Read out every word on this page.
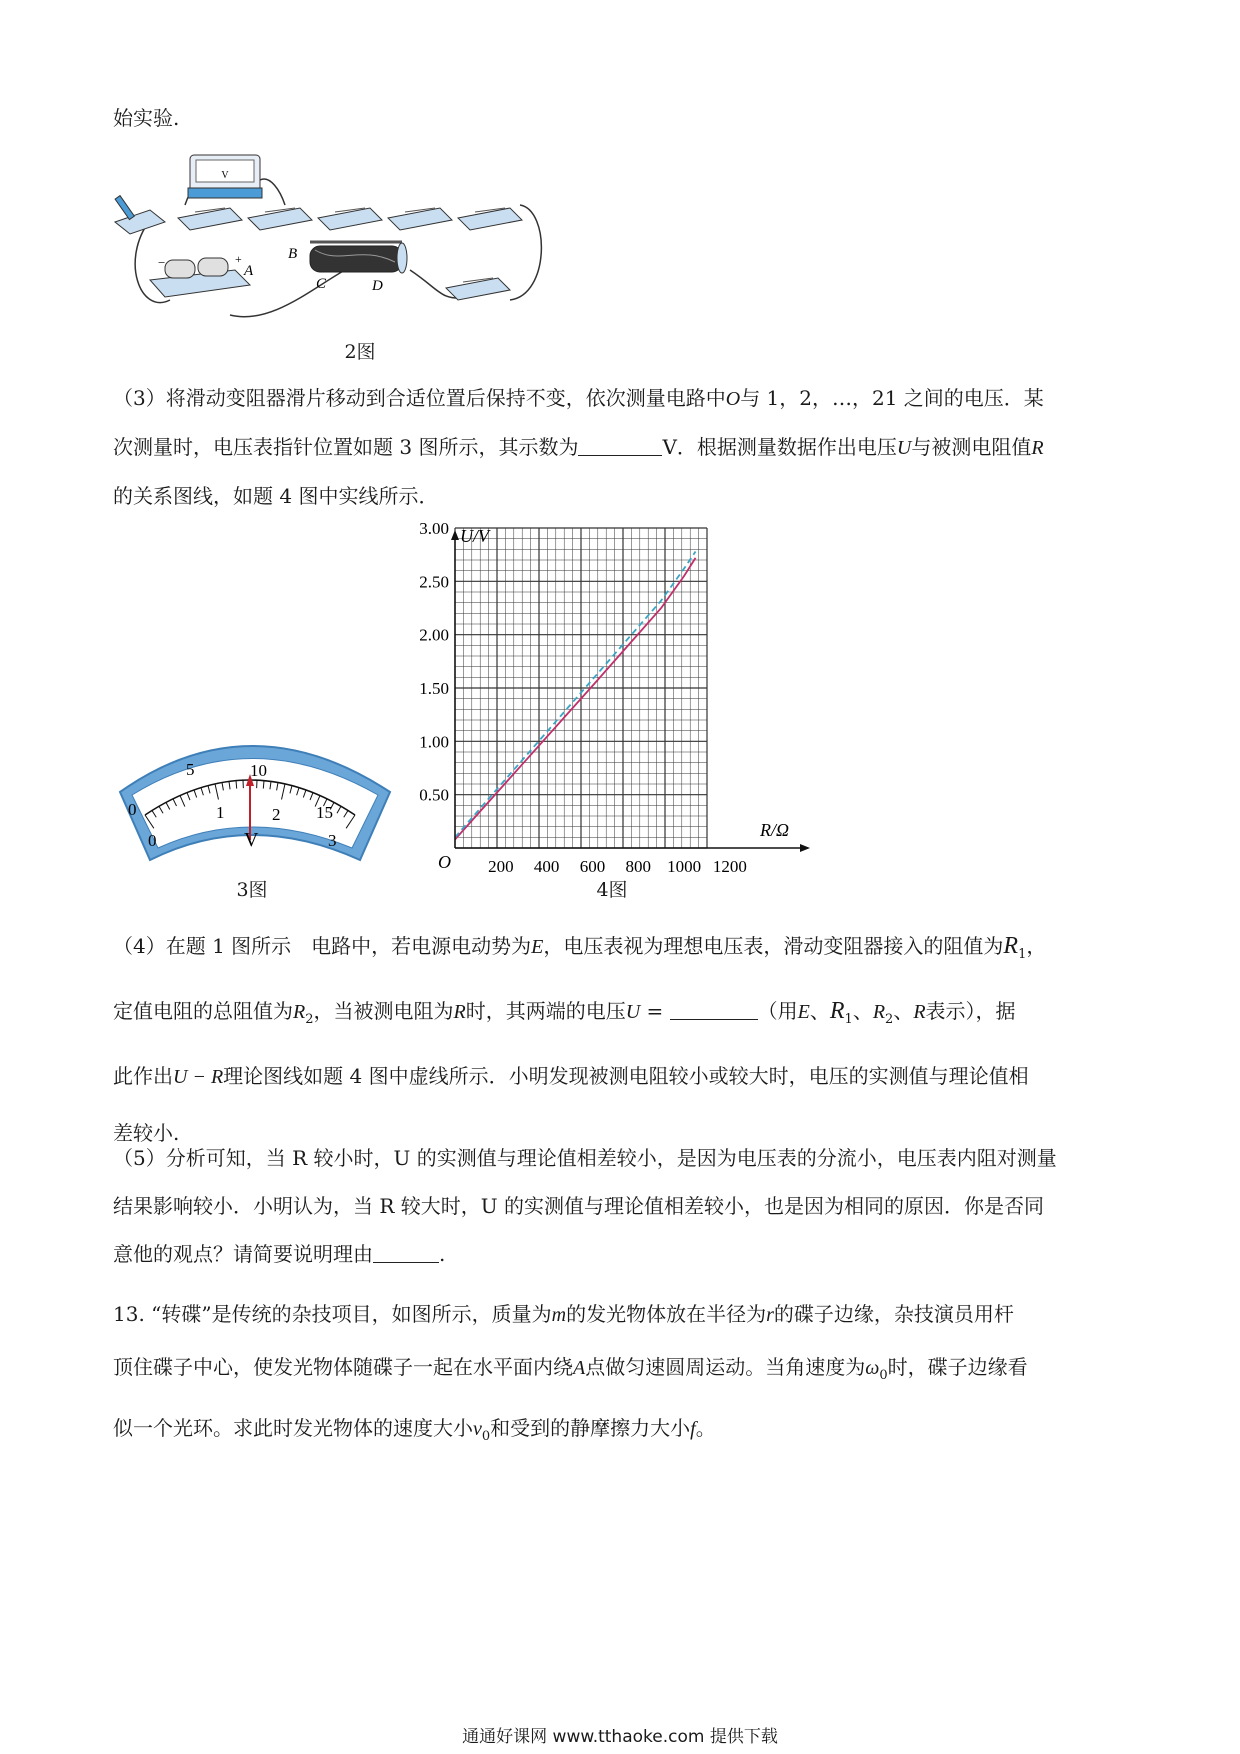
始实验.

V
−	+
A
B
C	D
2图

（3）将滑动变阻器滑片移动到合适位置后保持不变，依次测量电路中O与 1，2，…，21 之间的电压．某
次测量时，电压表指针位置如题 3 图所示，其示数为	V．根据测量数据作出电压U与被测电阻值R
的关系图线，如题 4 图中实线所示．

0
5	10
15
0
1	2
3
V
3图
200 400 600 800 1000 1200
0.50
1.00
1.50
2.00
2.50
3.00 U/V
R/Ω
O
4图

（4）在题 1 图所示　电路中，若电源电动势为E，电压表视为理想电压表，滑动变阻器接入的阻值为$R_1$，
定值电阻的总阻值为$R_2$，当被测电阻为R时，其两端的电压U =	（用E、$R_1$、$R_2$、R表示），据
此作出U − R理论图线如题 4 图中虚线所示．小明发现被测电阻较小或较大时，电压的实测值与理论值相
差较小.

（5）分析可知，当 R 较小时，U 的实测值与理论值相差较小，是因为电压表的分流小，电压表内阻对测量
结果影响较小．小明认为，当 R 较大时，U 的实测值与理论值相差较小，也是因为相同的原因．你是否同
意他的观点？请简要说明理由	.

13. “转碟”是传统的杂技项目，如图所示，质量为m的发光物体放在半径为r的碟子边缘，杂技演员用杆
顶住碟子中心，使发光物体随碟子一起在水平面内绕A点做匀速圆周运动。当角速度为$\omega_0$时，碟子边缘看
似一个光环。求此时发光物体的速度大小$v_0$和受到的静摩擦力大小f。

通通好课网 www.tthaoke.com 提供下载
